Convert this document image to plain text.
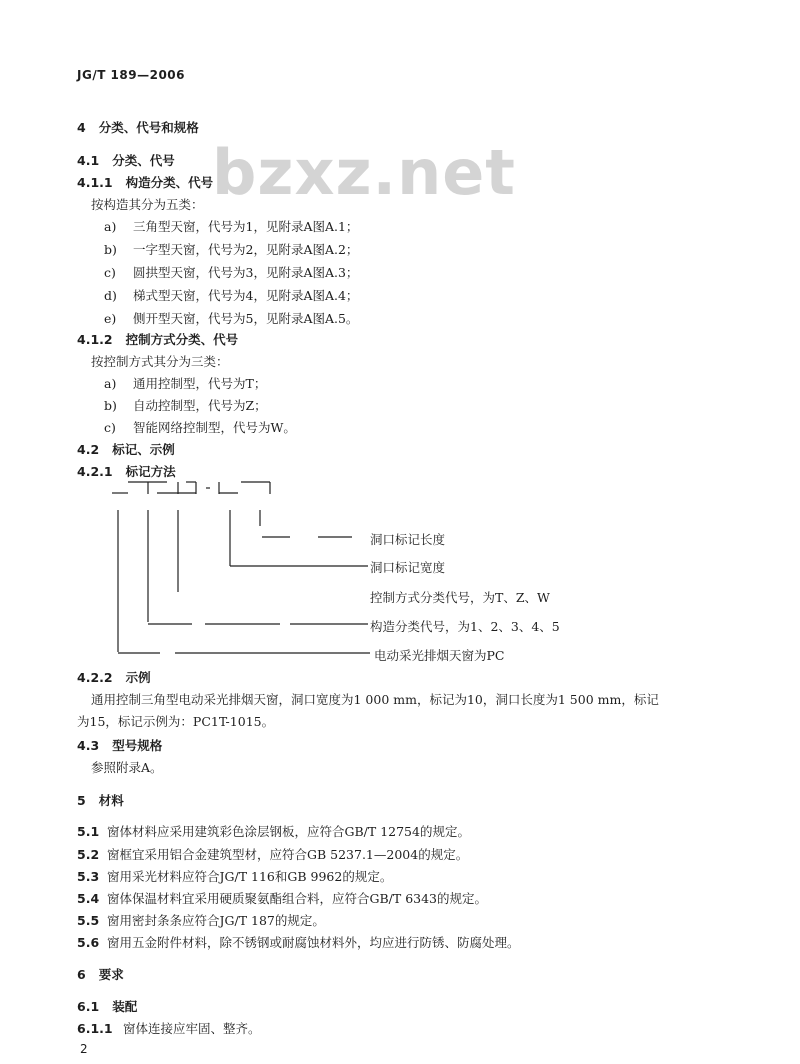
bzxz.net
JG/T 189—2006
4 分类、代号和规格
4.1 分类、代号
4.1.1 构造分类、代号
按构造其分为五类：
a) 三角型天窗，代号为1，见附录A图A.1；
b) 一字型天窗，代号为2，见附录A图A.2；
c) 圆拱型天窗，代号为3，见附录A图A.3；
d) 梯式型天窗，代号为4，见附录A图A.4；
e) 侧开型天窗，代号为5，见附录A图A.5。
4.1.2 控制方式分类、代号
按控制方式其分为三类：
a) 通用控制型，代号为T；
b) 自动控制型，代号为Z；
c) 智能网络控制型，代号为W。
4.2 标记、示例
4.2.1 标记方法
洞口标记长度
洞口标记宽度
控制方式分类代号，为T、Z、W
构造分类代号，为1、2、3、4、5
电动采光排烟天窗为PC
4.2.2 示例
通用控制三角型电动采光排烟天窗，洞口宽度为1 000 mm，标记为10，洞口长度为1 500 mm，标记
为15，标记示例为：PC1T-1015。
4.3 型号规格
参照附录A。
5 材料
5.1 窗体材料应采用建筑彩色涂层钢板，应符合GB/T 12754的规定。
5.2 窗框宜采用铝合金建筑型材，应符合GB 5237.1—2004的规定。
5.3 窗用采光材料应符合JG/T 116和GB 9962的规定。
5.4 窗体保温材料宜采用硬质聚氨酯组合料，应符合GB/T 6343的规定。
5.5 窗用密封条条应符合JG/T 187的规定。
5.6 窗用五金附件材料，除不锈钢或耐腐蚀材料外，均应进行防锈、防腐处理。
6 要求
6.1 装配
6.1.1 窗体连接应牢固、整齐。
2
